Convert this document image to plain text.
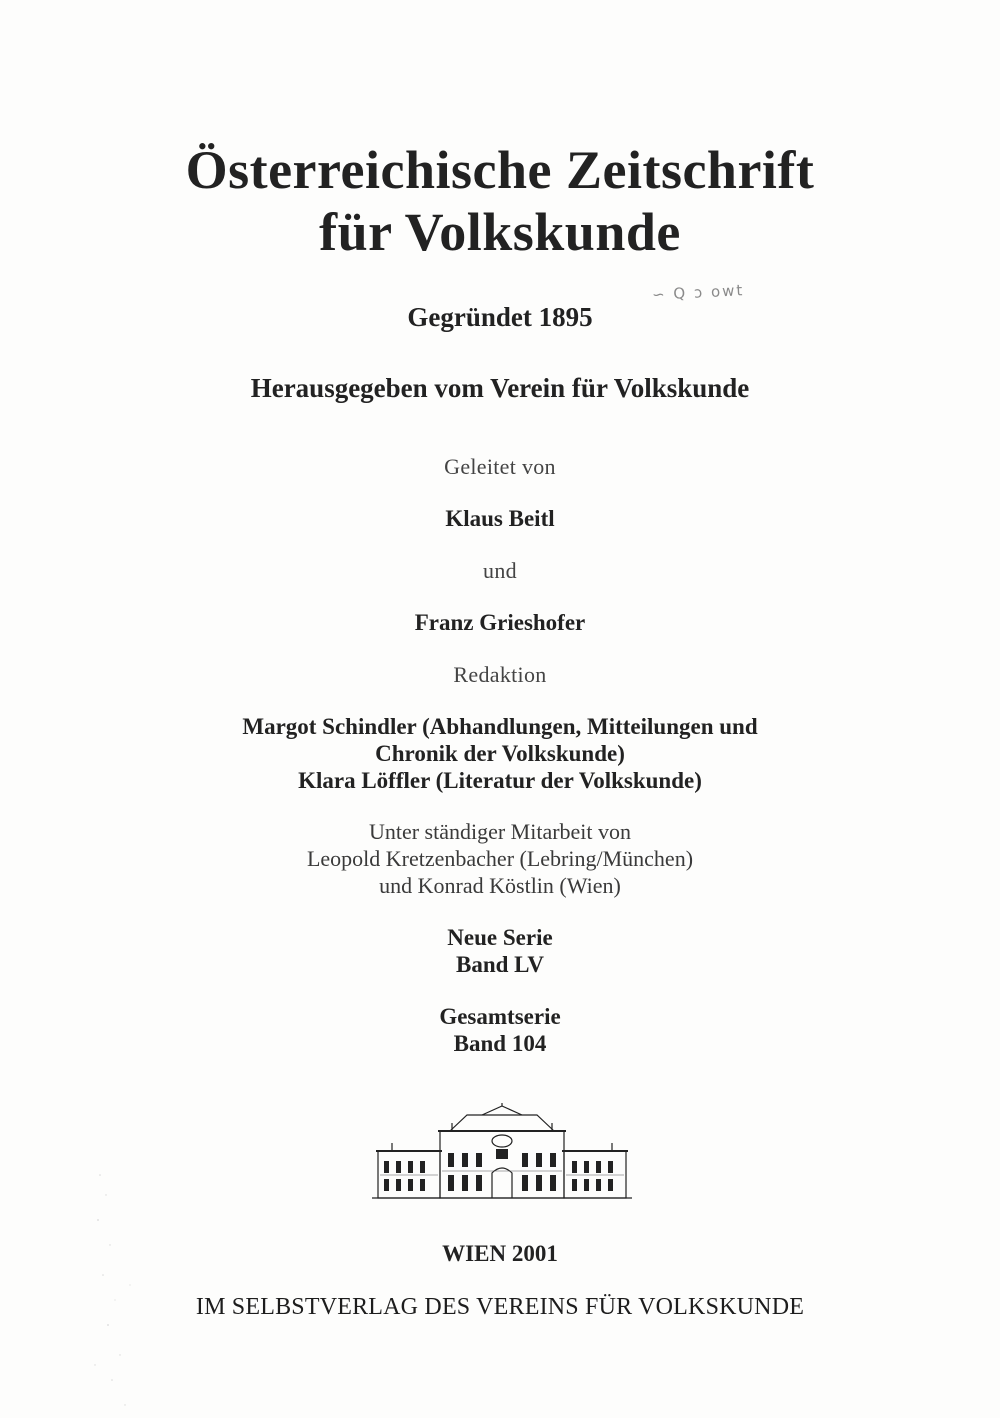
Österreichische Zeitschrift
für Volkskunde
Gegründet 1895
∽ Q ↄ owt
Herausgegeben vom Verein für Volkskunde
Geleitet von
Klaus Beitl
und
Franz Grieshofer
Redaktion
Margot Schindler (Abhandlungen, Mitteilungen und
Chronik der Volkskunde)
Klara Löffler (Literatur der Volkskunde)
Unter ständiger Mitarbeit von
Leopold Kretzenbacher (Lebring/München)
und Konrad Köstlin (Wien)
Neue Serie
Band LV
Gesamtserie
Band 104
WIEN 2001
IM SELBSTVERLAG DES VEREINS FÜR VOLKSKUNDE
